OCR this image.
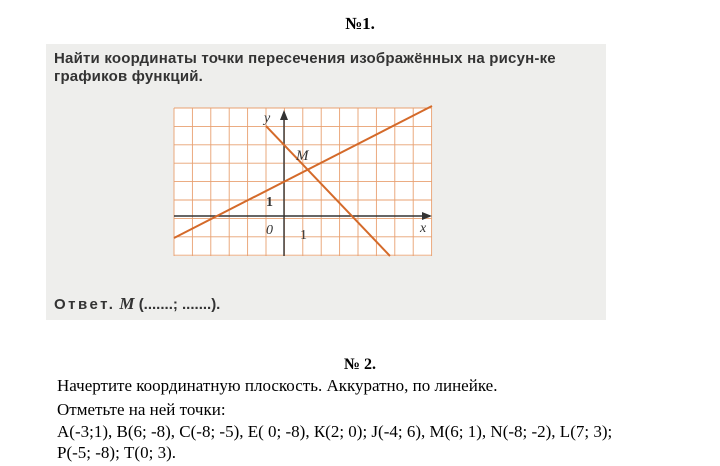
№1.
Найти координаты точки пересечения изображённых на рисун-ке графиков функций.
y
x
0 1
1
M
Ответ. M (.......; .......).
№ 2.
Начертите координатную плоскость. Аккуратно, по линейке.
Отметьте на ней точки:
А(-3;1), В(6; -8), С(-8; -5), Е( 0; -8), К(2; 0); J(-4; 6), М(6; 1), N(-8; -2), L(7; 3);
Р(-5; -8); Т(0; 3).
